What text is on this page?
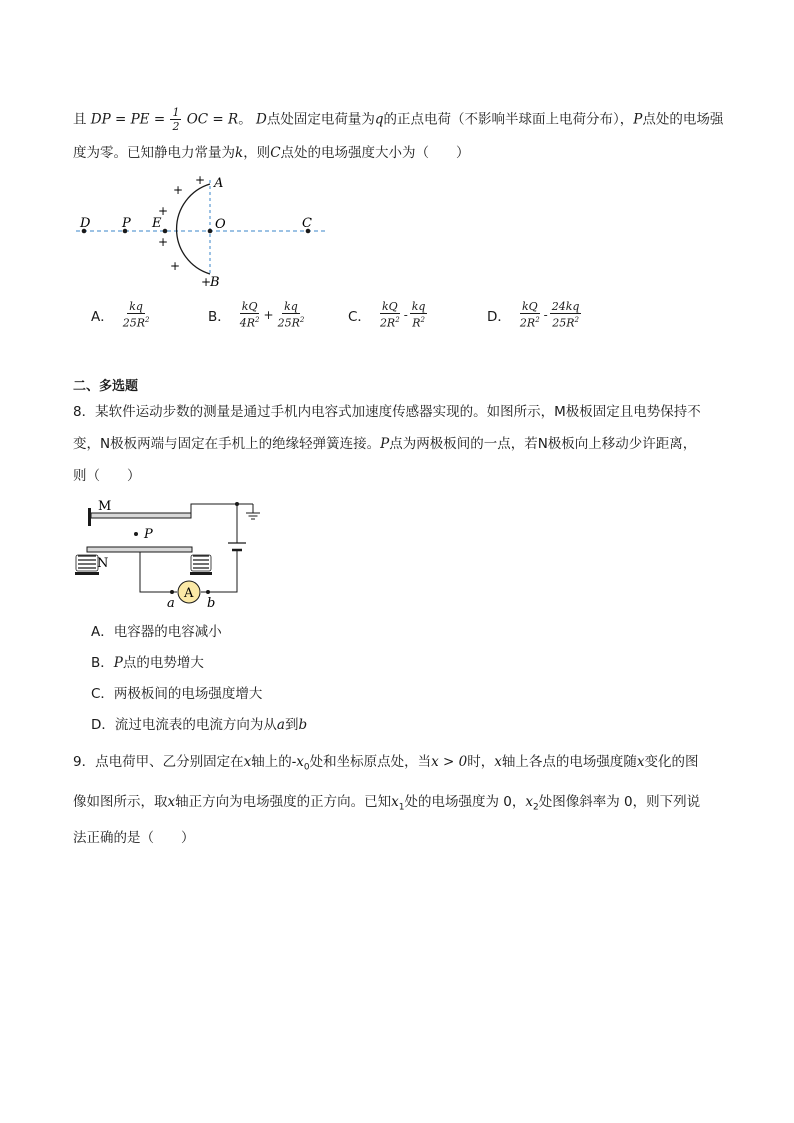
且 DP = PE = $\frac{1}{2}$ OC = R。 D点处固定电荷量为q的正点电荷（不影响半球面上电荷分布），P点处的电场强
度为零。已知静电力常量为k，则C点处的电场强度大小为（　　）
D P E	O	C
A
B
+
+
+
+
+
+
A． $\frac{kq}{25R^2}$	B． $\frac{kQ}{4R^2} + \frac{kq}{25R^2}$	C． $\frac{kQ}{2R^2} - \frac{kq}{R^2}$	D． $\frac{kQ}{2R^2} - \frac{24kq}{25R^2}$
二、多选题
8．某软件运动步数的测量是通过手机内电容式加速度传感器实现的。如图所示，M极板固定且电势保持不
变，N极板两端与固定在手机上的绝缘轻弹簧连接。P点为两极板间的一点，若N极板向上移动少许距离，
则（　　）
M
P
N
A
a b
A．电容器的电容减小
B．P点的电势增大
C．两极板间的电场强度增大
D．流过电流表的电流方向为从a到b
9．点电荷甲、乙分别固定在x轴上的$-x_0$处和坐标原点处，当x > 0时，x轴上各点的电场强度随x变化的图
像如图所示，取x轴正方向为电场强度的正方向。已知$x_1$处的电场强度为 0，$x_2$处图像斜率为 0，则下列说
法正确的是（　　）
